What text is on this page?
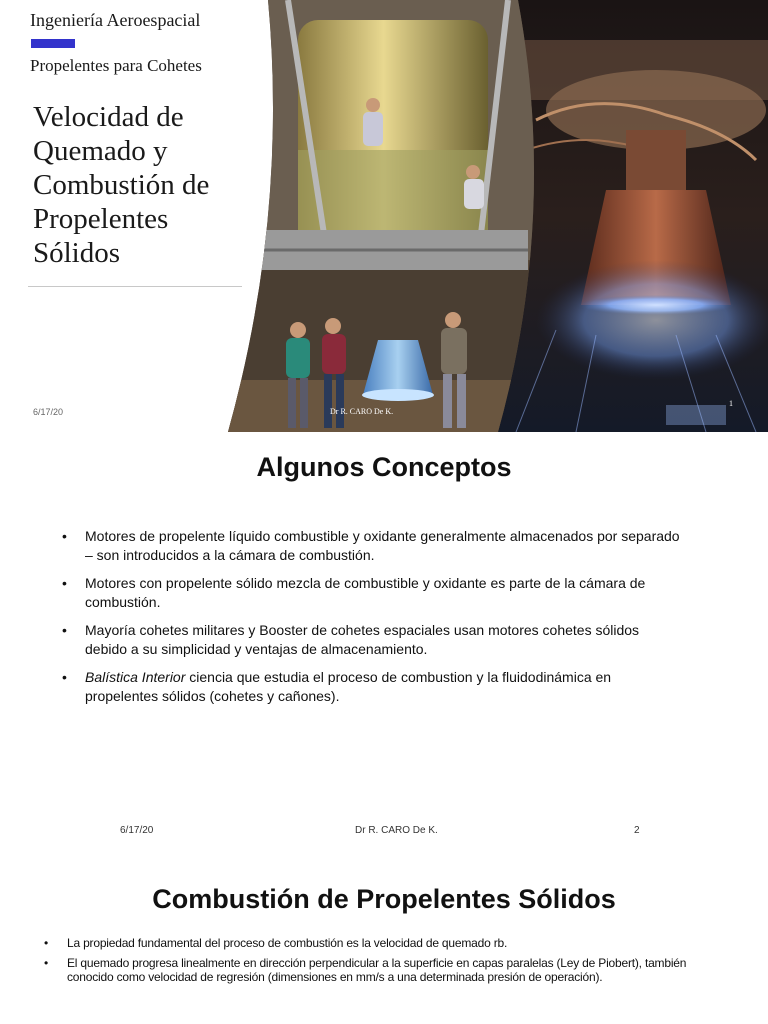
Ingeniería Aeroespacial
Propelentes para Cohetes
Velocidad de
Quemado y
Combustión de
Propelentes
Sólidos
6/17/20	Dr R. CARO De K.
1
Algunos Conceptos
• Motores de propelente líquido combustible y oxidante generalmente almacenados por separado – son introducidos a la cámara de combustión.
• Motores con propelente sólido mezcla de combustible y oxidante es parte de la cámara de combustión.
• Mayoría cohetes militares y Booster de cohetes espaciales usan motores cohetes sólidos debido a su simplicidad y ventajas de almacenamiento.
• Balística Interior ciencia que estudia el proceso de combustion y la fluidodinámica en propelentes sólidos (cohetes y cañones).
6/17/20	Dr R. CARO De K.	2
Combustión de Propelentes Sólidos
• La propiedad fundamental del proceso de combustión es la velocidad de quemado rb.
• El quemado progresa linealmente en dirección perpendicular a la superficie en capas paralelas (Ley de Piobert), también conocido como velocidad de regresión (dimensiones en mm/s a una determinada presión de operación).
